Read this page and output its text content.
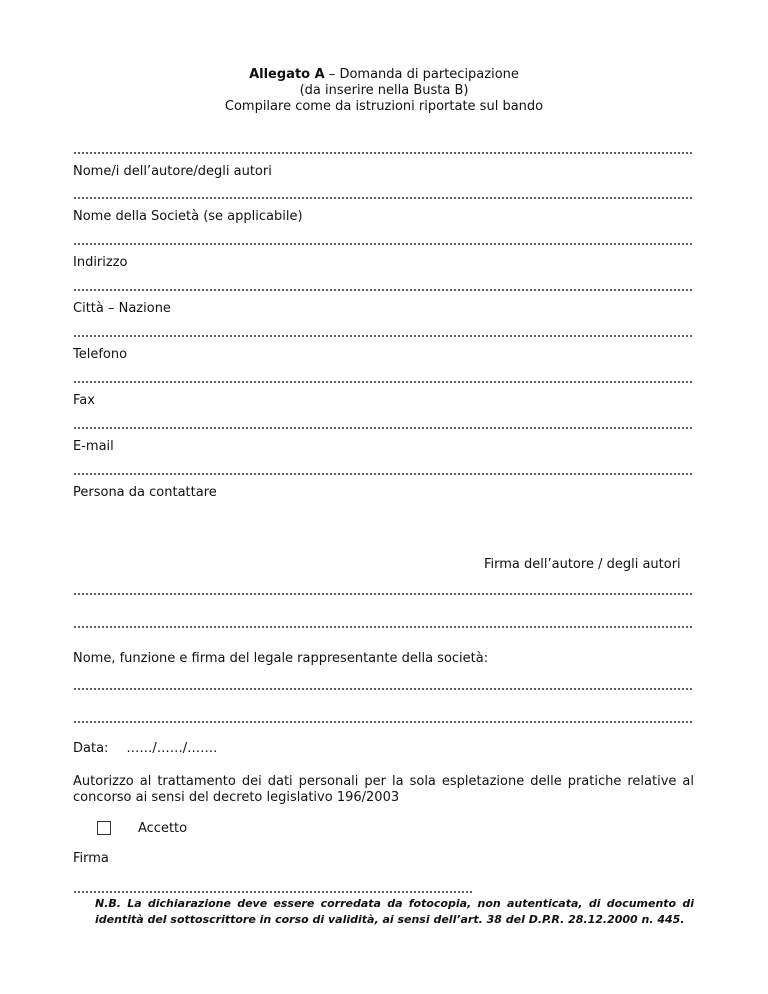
Allegato A – Domanda di partecipazione
(da inserire nella Busta B)
Compilare come da istruzioni riportate sul bando
Nome/i dell’autore/degli autori
Nome della Società (se applicabile)
Indirizzo
Città – Nazione
Telefono
Fax
E-mail
Persona da contattare
Firma dell’autore / degli autori
Nome, funzione e firma del legale rappresentante della società:
Data: ……/……/…….
Autorizzo al trattamento dei dati personali per la sola espletazione delle pratiche relative al concorso ai sensi del decreto legislativo 196/2003
Accetto
Firma
N.B. La dichiarazione deve essere corredata da fotocopia, non autenticata, di documento di identità del sottoscrittore in corso di validità, ai sensi dell’art. 38 del D.P.R. 28.12.2000 n. 445.
